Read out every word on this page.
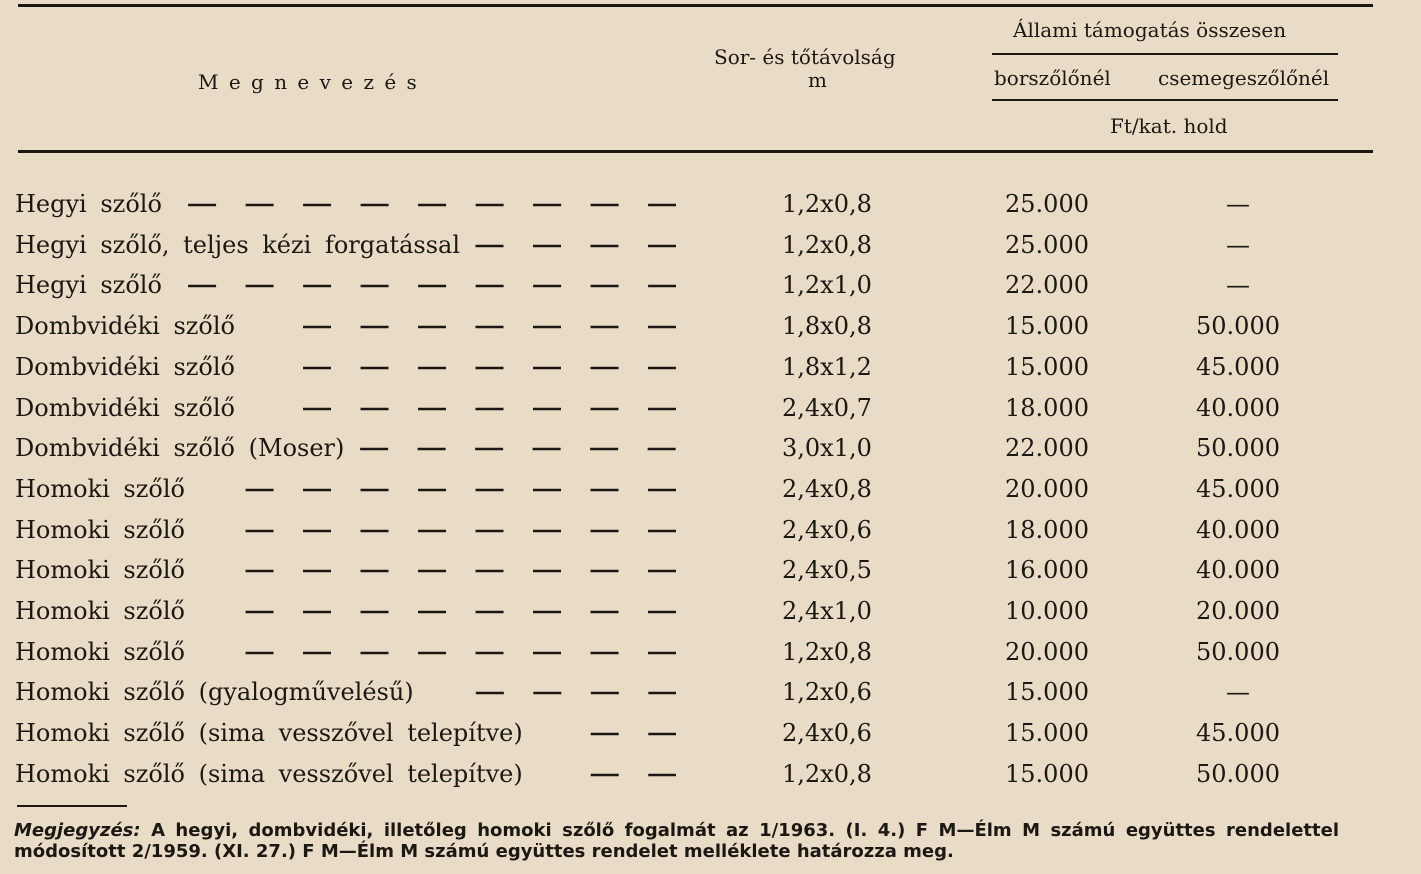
M e g n e v e z é s
Sor- és tőtávolság
m
Állami támogatás összesen
borszőlőnél csemegeszőlőnél
Ft/kat. hold
Hegyi szőlő	1,2x0,8	25.000	—
Hegyi szőlő, teljes kézi forgatással	1,2x0,8	25.000	—
Hegyi szőlő	1,2x1,0	22.000	—
Dombvidéki szőlő	1,8x0,8	15.000	50.000
Dombvidéki szőlő	1,8x1,2	15.000	45.000
Dombvidéki szőlő	2,4x0,7	18.000	40.000
Dombvidéki szőlő (Moser)	3,0x1,0	22.000	50.000
Homoki szőlő	2,4x0,8	20.000	45.000
Homoki szőlő	2,4x0,6	18.000	40.000
Homoki szőlő	2,4x0,5	16.000	40.000
Homoki szőlő	2,4x1,0	10.000	20.000
Homoki szőlő	1,2x0,8	20.000	50.000
Homoki szőlő (gyalogművelésű)	1,2x0,6	15.000	—
Homoki szőlő (sima vesszővel telepítve)	2,4x0,6	15.000	45.000
Homoki szőlő (sima vesszővel telepítve)	1,2x0,8	15.000	50.000
Megjegyzés: A hegyi, dombvidéki, illetőleg homoki szőlő fogalmát az 1/1963. (I. 4.) F M—Élm M számú együttes rendelettel módosított 2/1959. (XI. 27.) F M—Élm M számú együttes rendelet melléklete határozza meg.
